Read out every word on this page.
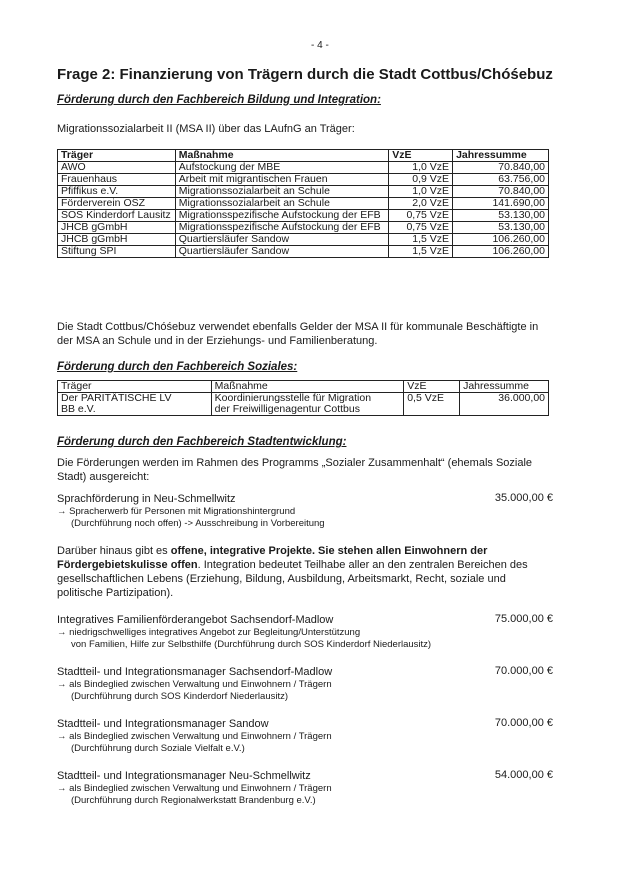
- 4 -
Frage 2: Finanzierung von Trägern durch die Stadt Cottbus/Chóśebuz
Förderung durch den Fachbereich Bildung und Integration:
Migrationssozialarbeit II (MSA II) über das LAufnG an Träger:
Träger	Maßnahme	VzE	Jahressumme
AWO	Aufstockung der MBE	1,0 VzE	70.840,00
Frauenhaus	Arbeit mit migrantischen Frauen	0,9 VzE	63.756,00
Pfiffikus e.V.	Migrationssozialarbeit an Schule	1,0 VzE	70.840,00
Förderverein OSZ	Migrationssozialarbeit an Schule	2,0 VzE	141.690,00
SOS Kinderdorf Lausitz	Migrationsspezifische Aufstockung der EFB	0,75 VzE	53.130,00
JHCB gGmbH	Migrationsspezifische Aufstockung der EFB	0,75 VzE	53.130,00
JHCB gGmbH	Quartiersläufer Sandow	1,5 VzE	106.260,00
Stiftung SPI	Quartiersläufer Sandow	1,5 VzE	106.260,00
Die Stadt Cottbus/Chóśebuz verwendet ebenfalls Gelder der MSA II für kommunale Beschäftigte in
der MSA an Schule und in der Erziehungs- und Familienberatung.
Förderung durch den Fachbereich Soziales:
Träger	Maßnahme	VzE	Jahressumme
Der PARITÄTISCHE LV
BB e.V.	Koordinierungsstelle für Migration
der Freiwilligenagentur Cottbus	0,5 VzE	36.000,00
Förderung durch den Fachbereich Stadtentwicklung:
Die Förderungen werden im Rahmen des Programms „Sozialer Zusammenhalt“ (ehemals Soziale
Stadt) ausgereicht:
Sprachförderung in Neu-Schmellwitz	35.000,00 €
→ Spracherwerb für Personen mit Migrationshintergrund
(Durchführung noch offen) -> Ausschreibung in Vorbereitung
Darüber hinaus gibt es offene, integrative Projekte. Sie stehen allen Einwohnern der
Fördergebietskulisse offen. Integration bedeutet Teilhabe aller an den zentralen Bereichen des
gesellschaftlichen Lebens (Erziehung, Bildung, Ausbildung, Arbeitsmarkt, Recht, soziale und
politische Partizipation).
Integratives Familienförderangebot Sachsendorf-Madlow	75.000,00 €
→ niedrigschwelliges integratives Angebot zur Begleitung/Unterstützung
von Familien, Hilfe zur Selbsthilfe (Durchführung durch SOS Kinderdorf Niederlausitz)
Stadtteil- und Integrationsmanager Sachsendorf-Madlow	70.000,00 €
→ als Bindeglied zwischen Verwaltung und Einwohnern / Trägern
(Durchführung durch SOS Kinderdorf Niederlausitz)
Stadtteil- und Integrationsmanager Sandow	70.000,00 €
→ als Bindeglied zwischen Verwaltung und Einwohnern / Trägern
(Durchführung durch Soziale Vielfalt e.V.)
Stadtteil- und Integrationsmanager Neu-Schmellwitz	54.000,00 €
→ als Bindeglied zwischen Verwaltung und Einwohnern / Trägern
(Durchführung durch Regionalwerkstatt Brandenburg e.V.)
